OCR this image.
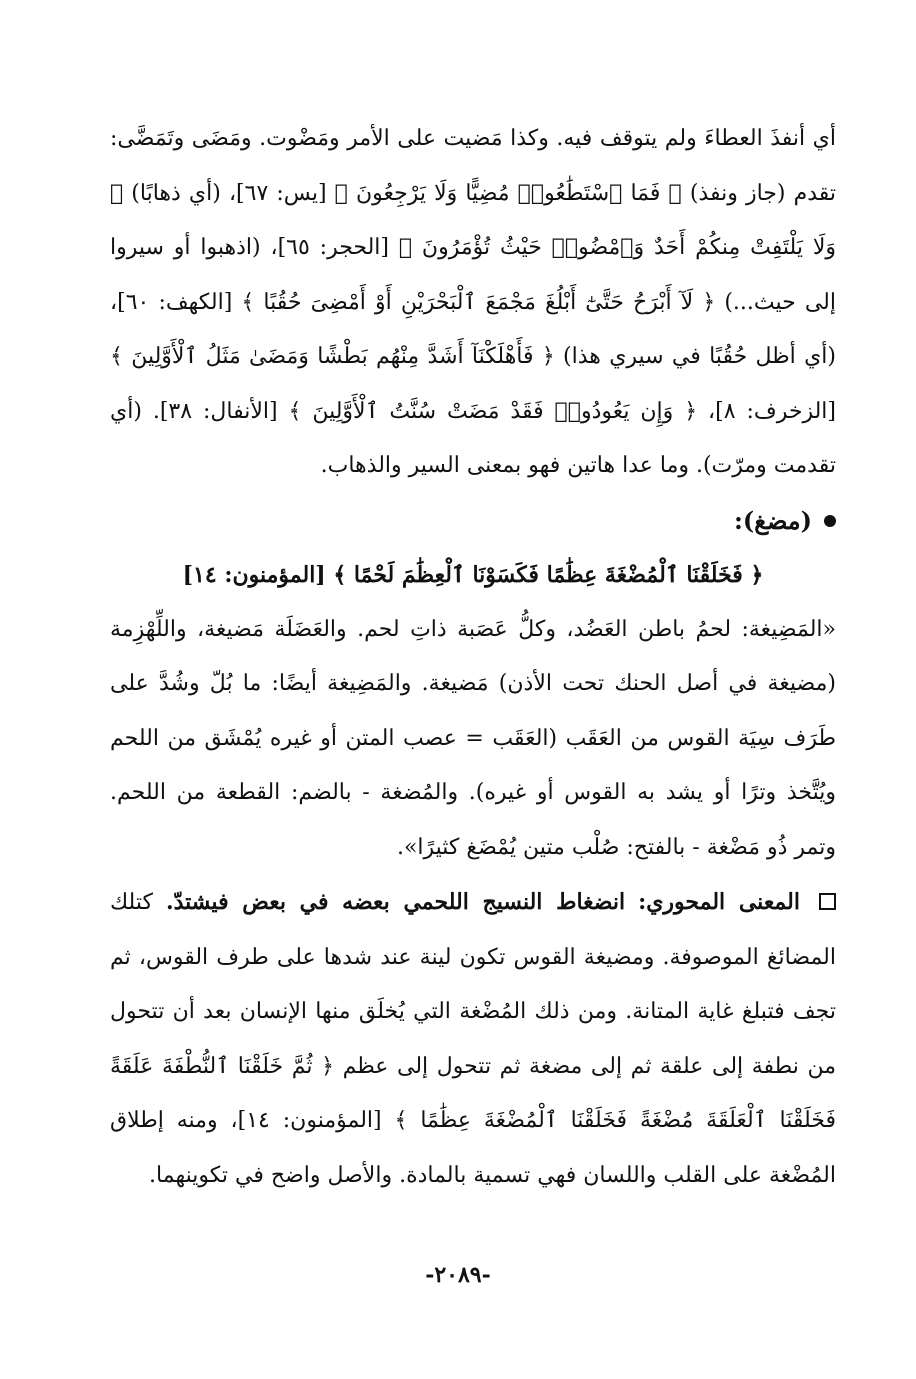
أي أنفذَ العطاءَ ولم يتوقف فيه. وكذا مَضيت على الأمر ومَضْوت. ومَضَى وتَمَضَّى: تقدم (جاز ونفذ) ﴿ فَمَا ٱسْتَطَٰعُوا۟ مُضِيًّا وَلَا يَرْجِعُونَ ﴾ [يس: ٦٧]، (أي ذهابًا) ﴿ وَلَا يَلْتَفِتْ مِنكُمْ أَحَدٌ وَٱمْضُوا۟ حَيْثُ تُؤْمَرُونَ ﴾ [الحجر: ٦٥]، (اذهبوا أو سيروا إلى حيث...) ﴿ لَآ أَبْرَحُ حَتَّىٰٓ أَبْلُغَ مَجْمَعَ ٱلْبَحْرَيْنِ أَوْ أَمْضِىَ حُقُبًا ﴾ [الكهف: ٦٠]، (أي أظل حُقُبًا في سيري هذا) ﴿ فَأَهْلَكْنَآ أَشَدَّ مِنْهُم بَطْشًا وَمَضَىٰ مَثَلُ ٱلْأَوَّلِينَ ﴾ [الزخرف: ٨]، ﴿ وَإِن يَعُودُوا۟ فَقَدْ مَضَتْ سُنَّتُ ٱلْأَوَّلِينَ ﴾ [الأنفال: ٣٨]. (أي تقدمت ومرّت). وما عدا هاتين فهو بمعنى السير والذهاب.

(مضغ):

﴿ فَخَلَقْنَا ٱلْمُضْغَةَ عِظَٰمًا فَكَسَوْنَا ٱلْعِظَٰمَ لَحْمًا ﴾ [المؤمنون: ١٤]

«المَضِيغة: لحمُ باطن العَضُد، وكلُّ عَصَبة ذاتِ لحم. والعَضَلَة مَضيغة، واللِّهْزِمة (مضيغة في أصل الحنك تحت الأذن) مَضيغة. والمَضِيغة أيضًا: ما بُلّ وشُدَّ على طَرَف سِيَة القوس من العَقَب (العَقَب = عصب المتن أو غيره يُمْشَق من اللحم ويُتَّخذ وترًا أو يشد به القوس أو غيره). والمُضغة - بالضم: القطعة من اللحم. وتمر ذُو مَضْغة - بالفتح: صُلْب متين يُمْضَغ كثيرًا».

المعنى المحوري: انضغاط النسيج اللحمي بعضه في بعض فيشتدّ. كتلك المضائغ الموصوفة. ومضيغة القوس تكون لينة عند شدها على طرف القوس، ثم تجف فتبلغ غاية المتانة. ومن ذلك المُضْغة التي يُخلَق منها الإنسان بعد أن تتحول من نطفة إلى علقة ثم إلى مضغة ثم تتحول إلى عظم ﴿ ثُمَّ خَلَقْنَا ٱلنُّطْفَةَ عَلَقَةً فَخَلَقْنَا ٱلْعَلَقَةَ مُضْغَةً فَخَلَقْنَا ٱلْمُضْغَةَ عِظَٰمًا ﴾ [المؤمنون: ١٤]، ومنه إطلاق المُضْغة على القلب واللسان فهي تسمية بالمادة. والأصل واضح في تكوينهما.

-٢٠٨٩-
